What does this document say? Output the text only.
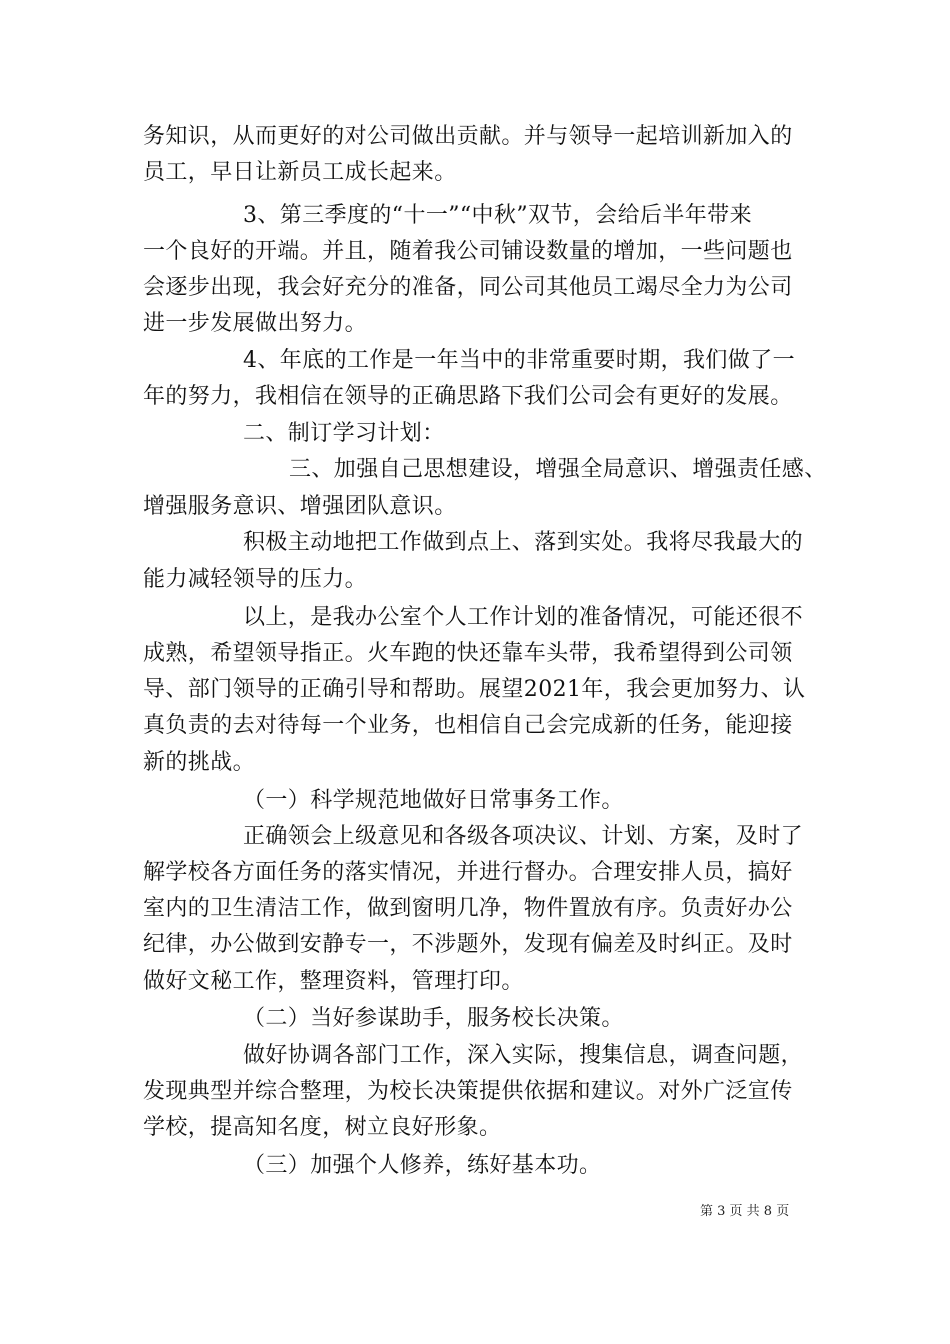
务知识，从而更好的对公司做出贡献。并与领导一起培训新加入的
员工，早日让新员工成长起来。
3、第三季度的“十一”“中秋”双节，会给后半年带来
一个良好的开端。并且，随着我公司铺设数量的增加，一些问题也
会逐步出现，我会好充分的准备，同公司其他员工竭尽全力为公司
进一步发展做出努力。
4、年底的工作是一年当中的非常重要时期，我们做了一
年的努力，我相信在领导的正确思路下我们公司会有更好的发展。
二、制订学习计划：
三、加强自己思想建设，增强全局意识、增强责任感、
增强服务意识、增强团队意识。
积极主动地把工作做到点上、落到实处。我将尽我最大的
能力减轻领导的压力。
以上，是我办公室个人工作计划的准备情况，可能还很不
成熟，希望领导指正。火车跑的快还靠车头带，我希望得到公司领
导、部门领导的正确引导和帮助。展望2021年，我会更加努力、认
真负责的去对待每一个业务，也相信自己会完成新的任务，能迎接
新的挑战。
（一）科学规范地做好日常事务工作。
正确领会上级意见和各级各项决议、计划、方案，及时了
解学校各方面任务的落实情况，并进行督办。合理安排人员，搞好
室内的卫生清洁工作，做到窗明几净，物件置放有序。负责好办公
纪律，办公做到安静专一，不涉题外，发现有偏差及时纠正。及时
做好文秘工作，整理资料，管理打印。
（二）当好参谋助手，服务校长决策。
做好协调各部门工作，深入实际，搜集信息，调查问题，
发现典型并综合整理，为校长决策提供依据和建议。对外广泛宣传
学校，提高知名度，树立良好形象。
（三）加强个人修养，练好基本功。
第 3 页 共 8 页
